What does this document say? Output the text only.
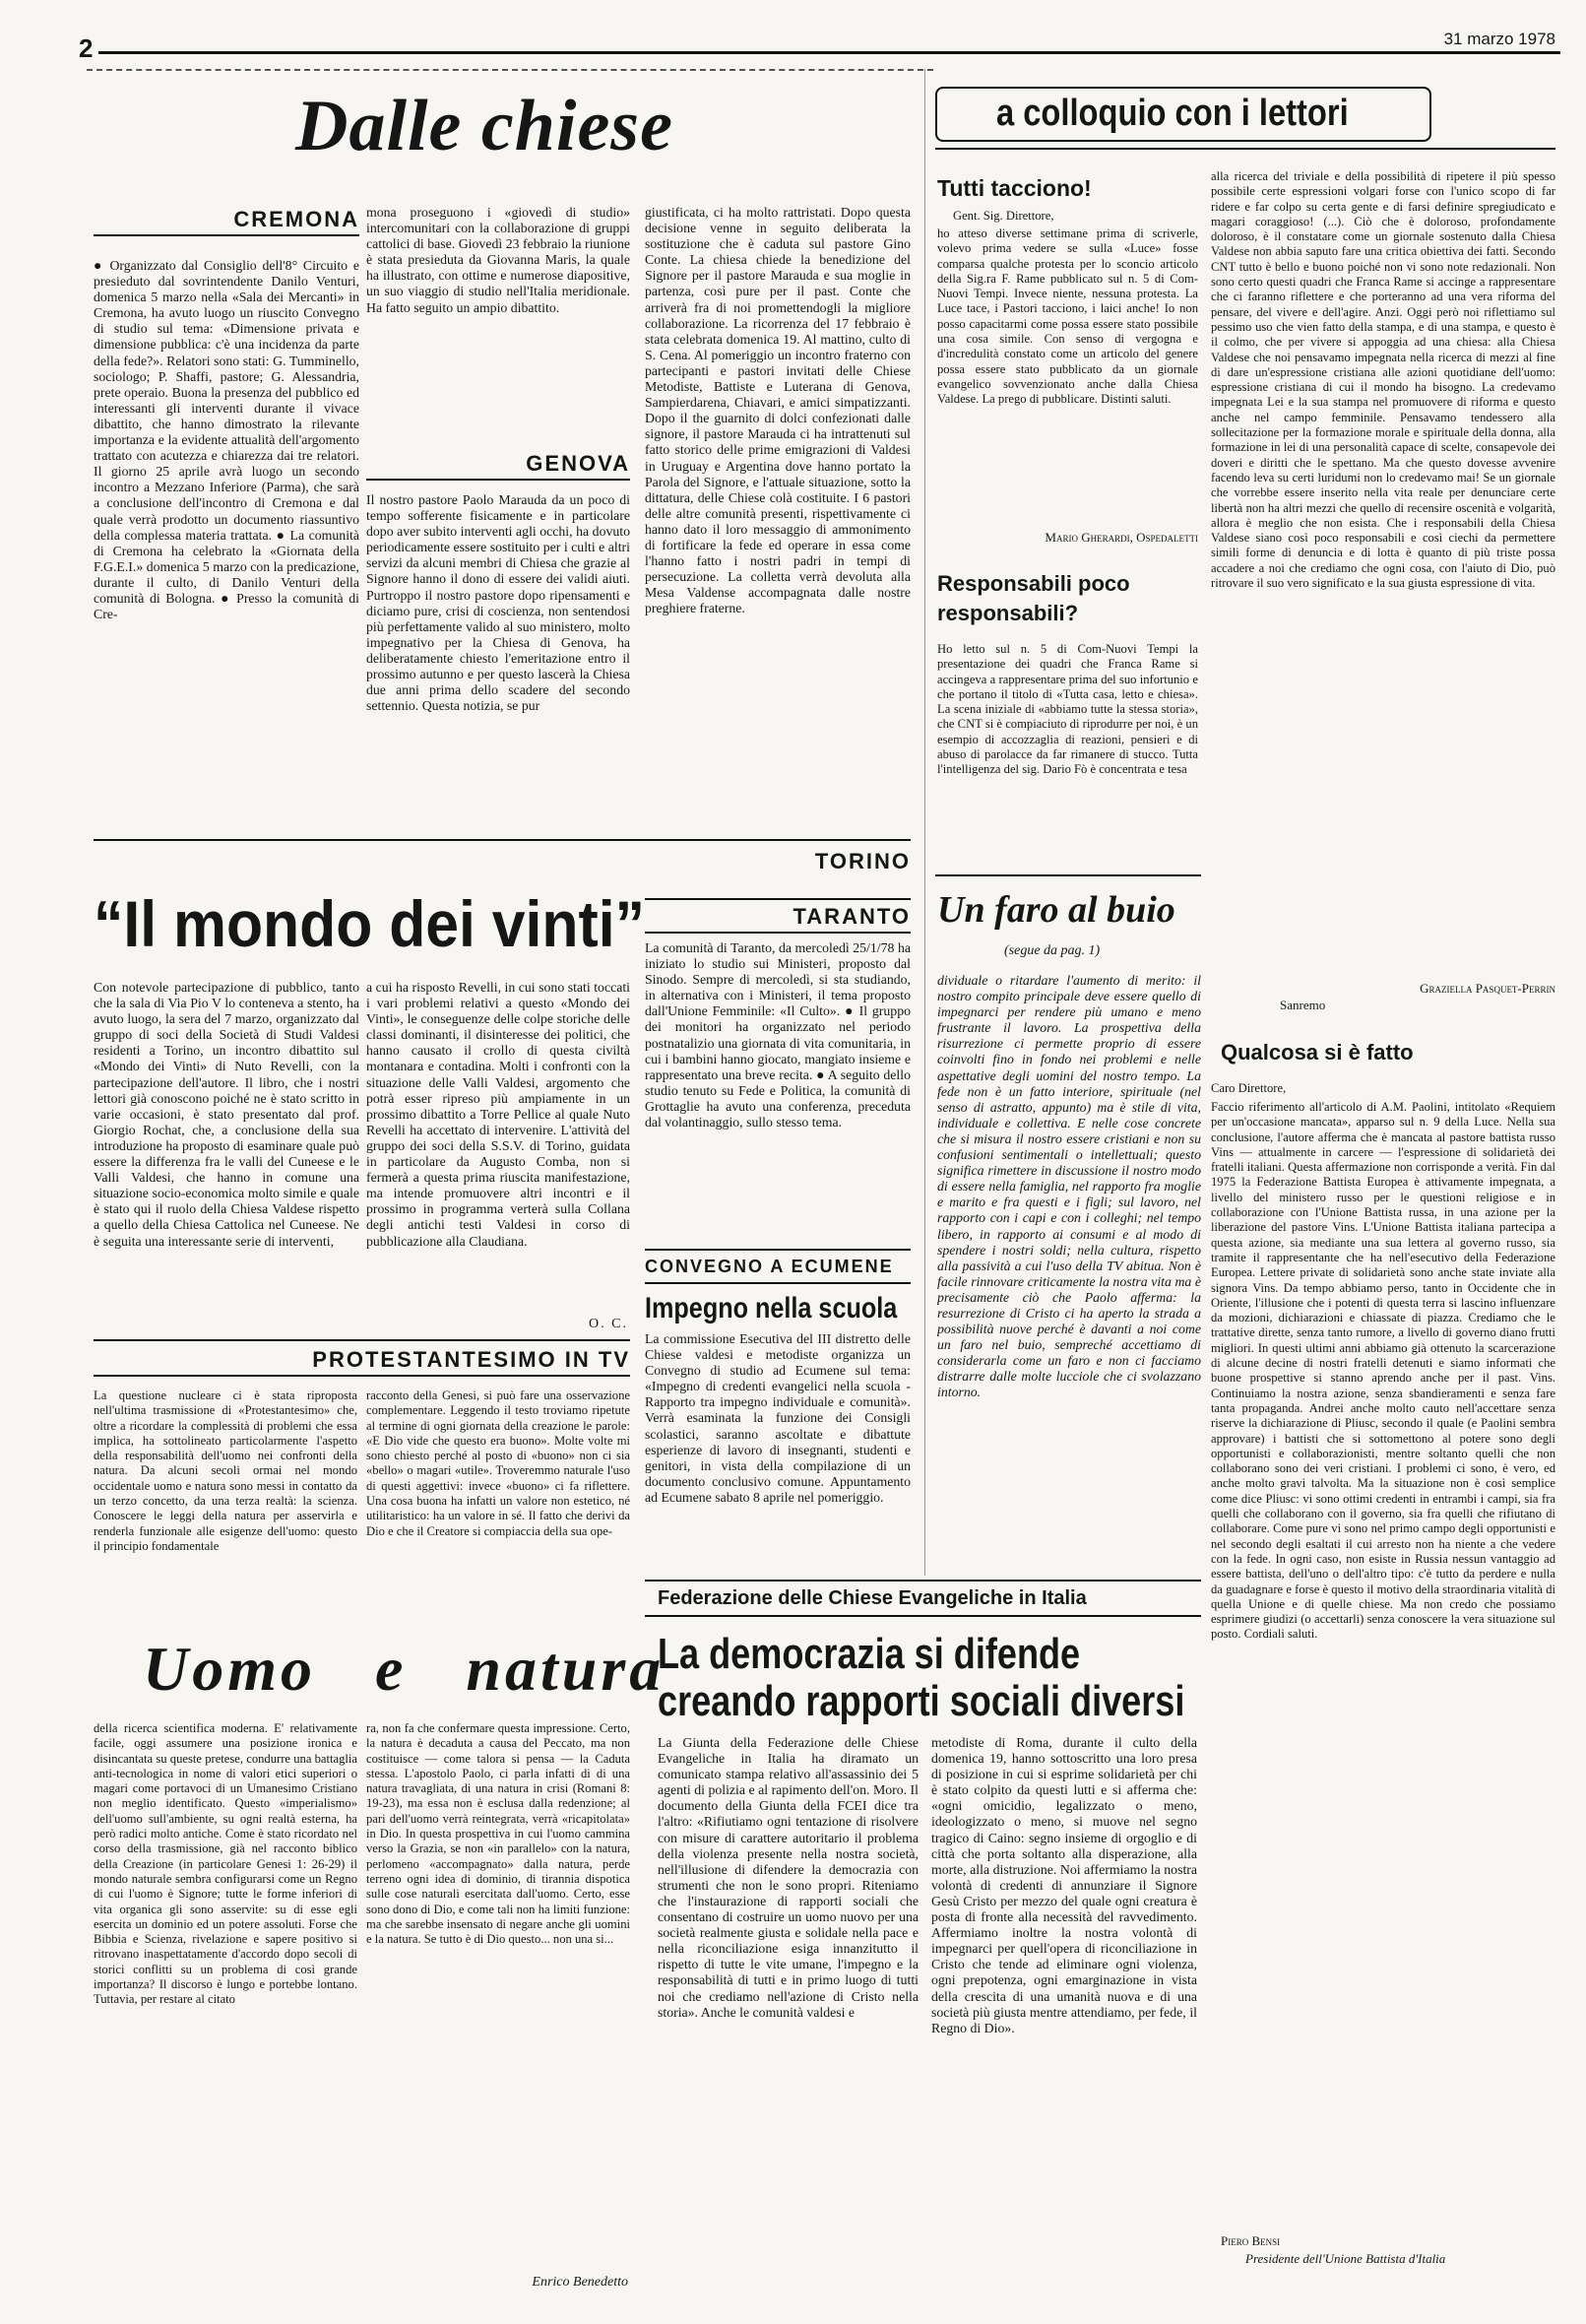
2	31 marzo 1978
Dalle chiese
CREMONA
● Organizzato dal Consiglio dell'8° Circuito e presieduto dal sovrintendente Danilo Venturi, domenica 5 marzo nella «Sala dei Mercanti» in Cremona, ha avuto luogo un riuscito Convegno di studio sul tema: «Dimensione privata e dimensione pubblica: c'è una incidenza da parte della fede?». Relatori sono stati: G. Tumminello, sociologo; P. Shaffi, pastore; G. Alessandria, prete operaio. Buona la presenza del pubblico ed interessanti gli interventi durante il vivace dibattito, che hanno dimostrato la rilevante importanza e la evidente attualità dell'argomento trattato con acutezza e chiarezza dai tre relatori. Il giorno 25 aprile avrà luogo un secondo incontro a Mezzano Inferiore (Parma), che sarà a conclusione dell'incontro di Cremona e dal quale verrà prodotto un documento riassuntivo della complessa materia trattata. ● La comunità di Cremona ha celebrato la «Giornata della F.G.E.I.» domenica 5 marzo con la predicazione, durante il culto, di Danilo Venturi della comunità di Bologna. ● Presso la comunità di Cre-
mona proseguono i «giovedì di studio» intercomunitari con la collaborazione di gruppi cattolici di base. Giovedì 23 febbraio la riunione è stata presieduta da Giovanna Maris, la quale ha illustrato, con ottime e numerose diapositive, un suo viaggio di studio nell'Italia meridionale. Ha fatto seguito un ampio dibattito.
GENOVA
Il nostro pastore Paolo Marauda da un poco di tempo sofferente fisicamente e in particolare dopo aver subito interventi agli occhi, ha dovuto periodicamente essere sostituito per i culti e altri servizi da alcuni membri di Chiesa che grazie al Signore hanno il dono di essere dei validi aiuti. Purtroppo il nostro pastore dopo ripensamenti e diciamo pure, crisi di coscienza, non sentendosi più perfettamente valido al suo ministero, molto impegnativo per la Chiesa di Genova, ha deliberatamente chiesto l'emeritazione entro il prossimo autunno e per questo lascerà la Chiesa due anni prima dello scadere del secondo settennio. Questa notizia, se pur
giustificata, ci ha molto rattristati. Dopo questa decisione venne in seguito deliberata la sostituzione che è caduta sul pastore Gino Conte. La chiesa chiede la benedizione del Signore per il pastore Marauda e sua moglie in partenza, così pure per il past. Conte che arriverà fra di noi promettendogli la migliore collaborazione. La ricorrenza del 17 febbraio è stata celebrata domenica 19. Al mattino, culto di S. Cena. Al pomeriggio un incontro fraterno con partecipanti e pastori invitati delle Chiese Metodiste, Battiste e Luterana di Genova, Sampierdarena, Chiavari, e amici simpatizzanti. Dopo il the guarnito di dolci confezionati dalle signore, il pastore Marauda ci ha intrattenuti sul fatto storico delle prime emigrazioni di Valdesi in Uruguay e Argentina dove hanno portato la Parola del Signore, e l'attuale situazione, sotto la dittatura, delle Chiese colà costituite. I 6 pastori delle altre comunità presenti, rispettivamente ci hanno dato il loro messaggio di ammonimento di fortificare la fede ed operare in essa come l'hanno fatto i nostri padri in tempi di persecuzione. La colletta verrà devoluta alla Mesa Valdense accompagnata dalle nostre preghiere fraterne.
TORINO
“Il mondo dei vinti”
Con notevole partecipazione di pubblico, tanto che la sala di Via Pio V lo conteneva a stento, ha avuto luogo, la sera del 7 marzo, organizzato dal gruppo di soci della Società di Studi Valdesi residenti a Torino, un incontro dibattito sul «Mondo dei Vinti» di Nuto Revelli, con la partecipazione dell'autore. Il libro, che i nostri lettori già conoscono poiché ne è stato scritto in varie occasioni, è stato presentato dal prof. Giorgio Rochat, che, a conclusione della sua introduzione ha proposto di esaminare quale può essere la differenza fra le valli del Cuneese e le Valli Valdesi, che hanno in comune una situazione socio-economica molto simile e quale è stato qui il ruolo della Chiesa Valdese rispetto a quello della Chiesa Cattolica nel Cuneese. Ne è seguita una interessante serie di interventi,
a cui ha risposto Revelli, in cui sono stati toccati i vari problemi relativi a questo «Mondo dei Vinti», le conseguenze delle colpe storiche delle classi dominanti, il disinteresse dei politici, che hanno causato il crollo di questa civiltà montanara e contadina. Molti i confronti con la situazione delle Valli Valdesi, argomento che potrà esser ripreso più ampiamente in un prossimo dibattito a Torre Pellice al quale Nuto Revelli ha accettato di intervenire. L'attività del gruppo dei soci della S.S.V. di Torino, guidata in particolare da Augusto Comba, non si fermerà a questa prima riuscita manifestazione, ma intende promuovere altri incontri e il prossimo in programma verterà sulla Collana degli antichi testi Valdesi in corso di pubblicazione alla Claudiana.
O. C.
TARANTO
La comunità di Taranto, da mercoledì 25/1/78 ha iniziato lo studio sui Ministeri, proposto dal Sinodo. Sempre di mercoledì, si sta studiando, in alternativa con i Ministeri, il tema proposto dall'Unione Femminile: «Il Culto». ● Il gruppo dei monitori ha organizzato nel periodo postnatalizio una giornata di vita comunitaria, in cui i bambini hanno giocato, mangiato insieme e rappresentato una breve recita. ● A seguito dello studio tenuto su Fede e Politica, la comunità di Grottaglie ha avuto una conferenza, preceduta dal volantinaggio, sullo stesso tema.
CONVEGNO A ECUMENE
Impegno nella scuola
La commissione Esecutiva del III distretto delle Chiese valdesi e metodiste organizza un Convegno di studio ad Ecumene sul tema: «Impegno di credenti evangelici nella scuola - Rapporto tra impegno individuale e comunità». Verrà esaminata la funzione dei Consigli scolastici, saranno ascoltate e dibattute esperienze di lavoro di insegnanti, studenti e genitori, in vista della compilazione di un documento conclusivo comune. Appuntamento ad Ecumene sabato 8 aprile nel pomeriggio.
PROTESTANTESIMO IN TV
La questione nucleare ci è stata riproposta nell'ultima trasmissione di «Protestantesimo» che, oltre a ricordare la complessità di problemi che essa implica, ha sottolineato particolarmente l'aspetto della responsabilità dell'uomo nei confronti della natura. Da alcuni secoli ormai nel mondo occidentale uomo e natura sono messi in contatto da un terzo concetto, da una terza realtà: la scienza. Conoscere le leggi della natura per asservirla e renderla funzionale alle esigenze dell'uomo: questo il principio fondamentale
racconto della Genesi, si può fare una osservazione complementare. Leggendo il testo troviamo ripetute al termine di ogni giornata della creazione le parole: «E Dio vide che questo era buono». Molte volte mi sono chiesto perché al posto di «buono» non ci sia «bello» o magari «utile». Troveremmo naturale l'uso di questi aggettivi: invece «buono» ci fa riflettere. Una cosa buona ha infatti un valore non estetico, né utilitaristico: ha un valore in sé. Il fatto che derivi da Dio e che il Creatore si compiaccia della sua ope-
Uomo e natura
della ricerca scientifica moderna. E' relativamente facile, oggi assumere una posizione ironica e disincantata su queste pretese, condurre una battaglia anti-tecnologica in nome di valori etici superiori o magari come portavoci di un Umanesimo Cristiano non meglio identificato. Questo «imperialismo» dell'uomo sull'ambiente, su ogni realtà esterna, ha però radici molto antiche. Come è stato ricordato nel corso della trasmissione, già nel racconto biblico della Creazione (in particolare Genesi 1: 26-29) il mondo naturale sembra configurarsi come un Regno di cui l'uomo è Signore; tutte le forme inferiori di vita organica gli sono asservite: su di esse egli esercita un dominio ed un potere assoluti. Forse che Bibbia e Scienza, rivelazione e sapere positivo si ritrovano inaspettatamente d'accordo dopo secoli di storici conflitti su un problema di così grande importanza? Il discorso è lungo e portebbe lontano. Tuttavia, per restare al citato
ra, non fa che confermare questa impressione. Certo, la natura è decaduta a causa del Peccato, ma non costituisce — come talora si pensa — la Caduta stessa. L'apostolo Paolo, ci parla infatti di di una natura travagliata, di una natura in crisi (Romani 8: 19-23), ma essa non è esclusa dalla redenzione; al pari dell'uomo verrà reintegrata, verrà «ricapitolata» in Dio. In questa prospettiva in cui l'uomo cammina verso la Grazia, se non «in parallelo» con la natura, perlomeno «accompagnato» dalla natura, perde terreno ogni idea di dominio, di tirannia dispotica sulle cose naturali esercitata dall'uomo. Certo, esse sono dono di Dio, e come tali non ha limiti funzione: ma che sarebbe insensato di negare anche gli uomini e la natura. Se tutto è di Dio questo... non una si...
Enrico Benedetto
a colloquio con i lettori
Tutti tacciono!
Gent. Sig. Direttore,
ho atteso diverse settimane prima di scriverle, volevo prima vedere se sulla «Luce» fosse comparsa qualche protesta per lo sconcio articolo della Sig.ra F. Rame pubblicato sul n. 5 di Com-Nuovi Tempi. Invece niente, nessuna protesta. La Luce tace, i Pastori tacciono, i laici anche! Io non posso capacitarmi come possa essere stato possibile una cosa simile. Con senso di vergogna e d'incredulità constato come un articolo del genere possa essere stato pubblicato da un giornale evangelico sovvenzionato anche dalla Chiesa Valdese. La prego di pubblicare. Distinti saluti.
Mario Gherardi, Ospedaletti
Responsabili poco responsabili?
Ho letto sul n. 5 di Com-Nuovi Tempi la presentazione dei quadri che Franca Rame si accingeva a rappresentare prima del suo infortunio e che portano il titolo di «Tutta casa, letto e chiesa». La scena iniziale di «abbiamo tutte la stessa storia», che CNT si è compiaciuto di riprodurre per noi, è un esempio di accozzaglia di reazioni, pensieri e di abuso di parolacce da far rimanere di stucco. Tutta l'intelligenza del sig. Dario Fò è concentrata e tesa
alla ricerca del triviale e della possibilità di ripetere il più spesso possibile certe espressioni volgari forse con l'unico scopo di far ridere e far colpo su certa gente e di farsi definire spregiudicato e magari coraggioso! (...). Ciò che è doloroso, profondamente doloroso, è il constatare come un giornale sostenuto dalla Chiesa Valdese non abbia saputo fare una critica obiettiva dei fatti. Secondo CNT tutto è bello e buono poiché non vi sono note redazionali. Non sono certo questi quadri che Franca Rame si accinge a rappresentare che ci faranno riflettere e che porteranno ad una vera riforma del pensare, del vivere e dell'agire. Anzi. Oggi però noi riflettiamo sul pessimo uso che vien fatto della stampa, e di una stampa, e questo è il colmo, che per vivere si appoggia ad una chiesa: alla Chiesa Valdese che noi pensavamo impegnata nella ricerca di mezzi al fine di dare un'espressione cristiana alle azioni quotidiane dell'uomo: espressione cristiana di cui il mondo ha bisogno. La credevamo impegnata Lei e la sua stampa nel promuovere di riforma e questo anche nel campo femminile. Pensavamo tendessero alla sollecitazione per la formazione morale e spirituale della donna, alla formazione in lei di una personalità capace di scelte, consapevole dei doveri e diritti che le spettano. Ma che questo dovesse avvenire facendo leva su certi luridumi non lo credevamo mai! Se un giornale che vorrebbe essere inserito nella vita reale per denunciare certe libertà non ha altri mezzi che quello di recensire oscenità e volgarità, allora è meglio che non esista. Che i responsabili della Chiesa Valdese siano così poco responsabili e così ciechi da permettere simili forme di denuncia e di lotta è quanto di più triste possa accadere a noi che crediamo che ogni cosa, con l'aiuto di Dio, può ritrovare il suo vero significato e la sua giusta espressione di vita.
Graziella Pasquet-Perrin
Sanremo
Qualcosa si è fatto
Caro Direttore,
Faccio riferimento all'articolo di A.M. Paolini, intitolato «Requiem per un'occasione mancata», apparso sul n. 9 della Luce. Nella sua conclusione, l'autore afferma che è mancata al pastore battista russo Vins — attualmente in carcere — l'espressione di solidarietà dei fratelli italiani. Questa affermazione non corrisponde a verità. Fin dal 1975 la Federazione Battista Europea è attivamente impegnata, a livello del ministero russo per le questioni religiose e in collaborazione con l'Unione Battista russa, in una azione per la liberazione del pastore Vins. L'Unione Battista italiana partecipa a questa azione, sia mediante una sua lettera al governo russo, sia tramite il rappresentante che ha nell'esecutivo della Federazione Europea. Lettere private di solidarietà sono anche state inviate alla signora Vins. Da tempo abbiamo perso, tanto in Occidente che in Oriente, l'illusione che i potenti di questa terra si lascino influenzare da mozioni, dichiarazioni e chiassate di piazza. Crediamo che le trattative dirette, senza tanto rumore, a livello di governo diano frutti migliori. In questi ultimi anni abbiamo già ottenuto la scarcerazione di alcune decine di nostri fratelli detenuti e siamo informati che buone prospettive si stanno aprendo anche per il past. Vins. Continuiamo la nostra azione, senza sbandieramenti e senza fare tanta propaganda. Andrei anche molto cauto nell'accettare senza riserve la dichiarazione di Pliusc, secondo il quale (e Paolini sembra approvare) i battisti che si sottomettono al potere sono degli opportunisti e collaborazionisti, mentre soltanto quelli che non collaborano sono dei veri cristiani. I problemi ci sono, è vero, ed anche molto gravi talvolta. Ma la situazione non è così semplice come dice Pliusc: vi sono ottimi credenti in entrambi i campi, sia fra quelli che collaborano con il governo, sia fra quelli che rifiutano di collaborare. Come pure vi sono nel primo campo degli opportunisti e nel secondo degli esaltati il cui arresto non ha niente a che vedere con la fede. In ogni caso, non esiste in Russia nessun vantaggio ad essere battista, dell'uno o dell'altro tipo: c'è tutto da perdere e nulla da guadagnare e forse è questo il motivo della straordinaria vitalità di quella Unione e di quelle chiese. Ma non credo che possiamo esprimere giudizi (o accettarli) senza conoscere la vera situazione sul posto. Cordiali saluti.
Piero Bensi
Presidente dell'Unione Battista d'Italia
Un faro al buio
(segue da pag. 1)
dividuale o ritardare l'aumento di merito: il nostro compito principale deve essere quello di impegnarci per rendere più umano e meno frustrante il lavoro. La prospettiva della risurrezione ci permette proprio di essere coinvolti fino in fondo nei problemi e nelle aspettative degli uomini del nostro tempo. La fede non è un fatto interiore, spirituale (nel senso di astratto, appunto) ma è stile di vita, individuale e collettiva. E nelle cose concrete che si misura il nostro essere cristiani e non su confusioni sentimentali o intellettuali; questo significa rimettere in discussione il nostro modo di essere nella famiglia, nel rapporto fra moglie e marito e fra questi e i figli; sul lavoro, nel rapporto con i capi e con i colleghi; nel tempo libero, in rapporto ai consumi e al modo di spendere i nostri soldi; nella cultura, rispetto alla passività a cui l'uso della TV abitua. Non è facile rinnovare criticamente la nostra vita ma è precisamente ciò che Paolo afferma: la resurrezione di Cristo ci ha aperto la strada a possibilità nuove perché è davanti a noi come un faro nel buio, sempreché accettiamo di considerarla come un faro e non ci facciamo distrarre dalle molte lucciole che ci svolazzano intorno.
Federazione delle Chiese Evangeliche in Italia
La democrazia si difende
creando rapporti sociali diversi
La Giunta della Federazione delle Chiese Evangeliche in Italia ha diramato un comunicato stampa relativo all'assassinio dei 5 agenti di polizia e al rapimento dell'on. Moro. Il documento della Giunta della FCEI dice tra l'altro: «Rifiutiamo ogni tentazione di risolvere con misure di carattere autoritario il problema della violenza presente nella nostra società, nell'illusione di difendere la democrazia con strumenti che non le sono propri. Riteniamo che l'instaurazione di rapporti sociali che consentano di costruire un uomo nuovo per una società realmente giusta e solidale nella pace e nella riconciliazione esiga innanzitutto il rispetto di tutte le vite umane, l'impegno e la responsabilità di tutti e in primo luogo di tutti noi che crediamo nell'azione di Cristo nella storia». Anche le comunità valdesi e
metodiste di Roma, durante il culto della domenica 19, hanno sottoscritto una loro presa di posizione in cui si esprime solidarietà per chi è stato colpito da questi lutti e si afferma che: «ogni omicidio, legalizzato o meno, ideologizzato o meno, si muove nel segno tragico di Caino: segno insieme di orgoglio e di città che porta soltanto alla disperazione, alla morte, alla distruzione. Noi affermiamo la nostra volontà di credenti di annunziare il Signore Gesù Cristo per mezzo del quale ogni creatura è posta di fronte alla necessità del ravvedimento. Affermiamo inoltre la nostra volontà di impegnarci per quell'opera di riconciliazione in Cristo che tende ad eliminare ogni violenza, ogni prepotenza, ogni emarginazione in vista della crescita di una umanità nuova e di una società più giusta mentre attendiamo, per fede, il Regno di Dio».
